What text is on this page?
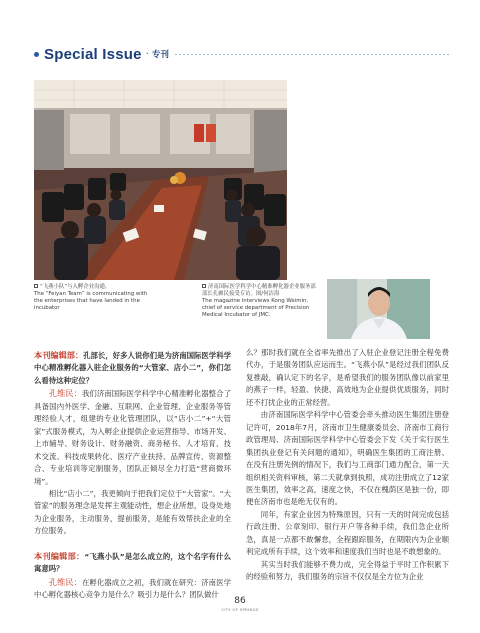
Special Issue · 专刊
“飞燕小队”与入孵企业沟通。
The “Feiyan Team” is communicating with the enterprises that have landed in the incubator
济南国际医学科学中心精准孵化器企业服务部部长孔雁民接受专访。图/何洁海
The magazine interviews Kong Weimin, chief of service department of Precision Medical Incubator of JMC.

本刊编辑部：孔部长，好多人说你们是为济南国际医学科学中心精准孵化器入驻企业服务的“大管家、店小二”，你们怎么看待这种定位？

　　孔维民：我们济南国际医学科学中心精准孵化器整合了具备国内外医学、金融、互联网、企业管理、企业服务等管理经验人才，组建的专业化管理团队，以“店小二”+“大管家”式服务模式，为入孵企业提供企业运营指导、市场开发、上市辅导、财务设计、财务融资、商务秘书、人才培育、技术交流、科技成果转化、医疗产业扶持、品牌宣传、资源整合、专业培训等定制服务，团队正倾尽全力打造“营商微环境”。

相比“店小二”，我更倾向于把我们定位于“大管家”。“大管家”的服务理念是发挥主观能动性，想企业所想，设身处地为企业服务，主动服务，提前服务，是能有效帮扶企业的全方位服务。

本刊编辑部：“飞燕小队”是怎么成立的，这个名字有什么寓意吗？

　　孔维民：在孵化器成立之初，我们就在研究：济南医学中心孵化器核心竞争力是什么？吸引力是什么？团队做什

么？那时我们就在全省率先推出了入驻企业登记注册全程免费代办，于是服务团队应运而生。“飞燕小队”是经过我们团队反复推敲，确认定下的名字，是希望我们的服务团队像以前家里的燕子一样，轻盈、快捷、高效地为企业提供优质服务，同时还不打扰企业的正常经营。

由济南国际医学科学中心管委会牵头推动医生集团注册登记许可，2018年7月，济南市卫生健康委员会、济南市工商行政管理局、济南国际医学科学中心管委会下发《关于实行医生集团执业登记有关问题的通知》，明确医生集团的工商注册、在没有注册先例的情况下，我们与工商部门通力配合，第一天组织相关资料审核，第二天就拿到执照，成功注册成立了12家医生集团，效率之高，速度之快，不仅在槐荫区是独一份，即便在济南市也是绝无仅有的。

同年，有家企业因为特殊原因，只有一天的时间完成包括行政注册、公章刻印、银行开户等各种手续，我们急企业所急，真是一点都不敢懈怠，全程跟踪服务，在期限内为企业顺利完成所有手续，这个效率和速度我们当时也是不敢想象的。

其实当时我们能够不费力成，完全得益于平时工作积累下的经验和努力，我们服务的宗旨不仅仅是全方位为企业

86
CITY OF SPRINGS
